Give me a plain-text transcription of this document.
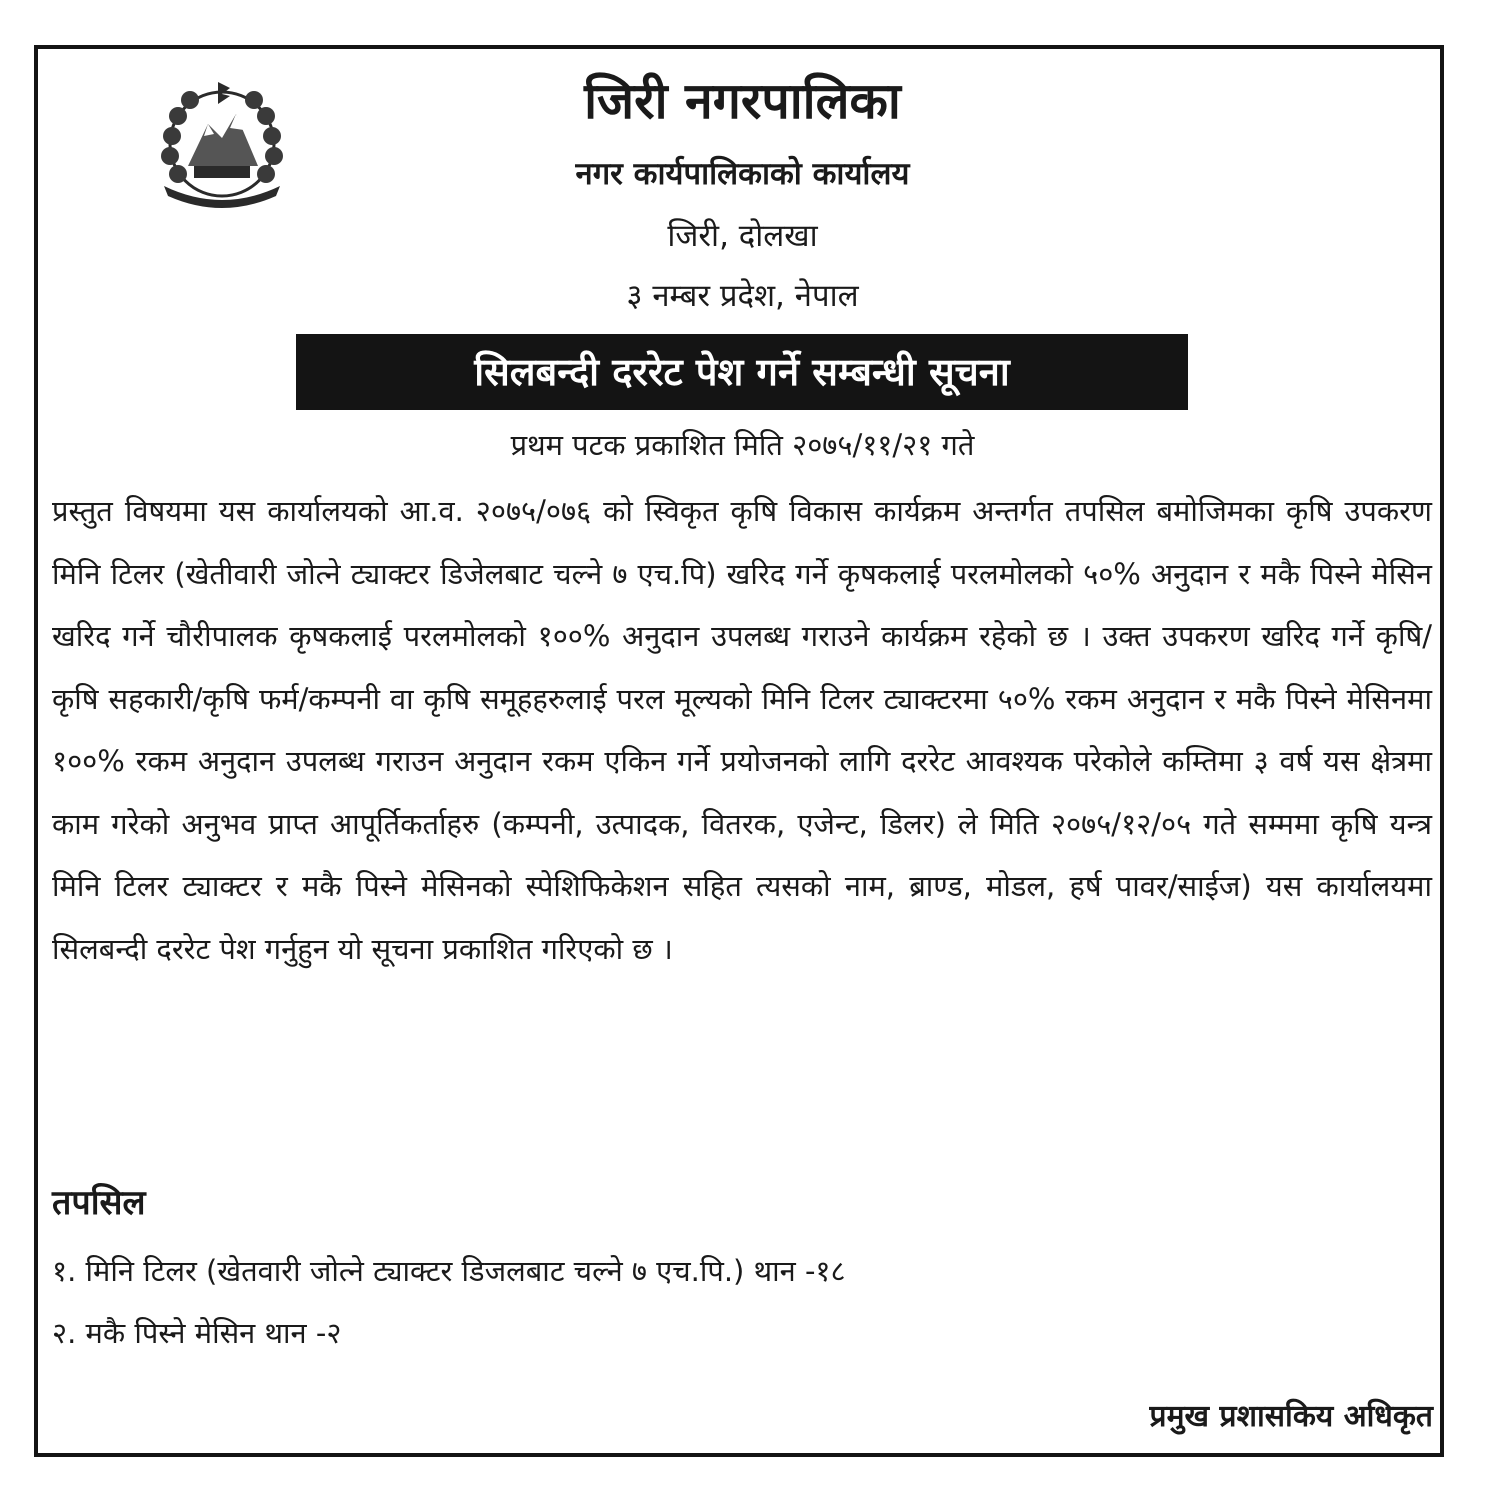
जिरी नगरपालिका
नगर कार्यपालिकाको कार्यालय
जिरी, दोलखा
३ नम्बर प्रदेश, नेपाल
सिलबन्दी दररेट पेश गर्ने सम्बन्धी सूचना
प्रथम पटक प्रकाशित मिति २०७५/११/२१ गते

प्रस्तुत विषयमा यस कार्यालयको आ.व. २०७५/०७६ को स्विकृत कृषि विकास कार्यक्रम अन्तर्गत तपसिल बमोजिमका कृषि उपकरण मिनि टिलर (खेतीवारी जोत्ने ट्याक्टर डिजेलबाट चल्ने ७ एच.पि) खरिद गर्ने कृषकलाई परलमोलको ५०% अनुदान र मकै पिस्ने मेसिन खरिद गर्ने चौरीपालक कृषकलाई परलमोलको १००% अनुदान उपलब्ध गराउने कार्यक्रम रहेको छ । उक्त उपकरण खरिद गर्ने कृषि/कृषि सहकारी/कृषि फर्म/कम्पनी वा कृषि समूहहरुलाई परल मूल्यको मिनि टिलर ट्याक्टरमा ५०% रकम अनुदान र मकै पिस्ने मेसिनमा १००% रकम अनुदान उपलब्ध गराउन अनुदान रकम एकिन गर्ने प्रयोजनको लागि दररेट आवश्यक परेकोले कम्तिमा ३ वर्ष यस क्षेत्रमा काम गरेको अनुभव प्राप्त आपूर्तिकर्ताहरु (कम्पनी, उत्पादक, वितरक, एजेन्ट, डिलर) ले मिति २०७५/१२/०५ गते सम्ममा कृषि यन्त्र मिनि टिलर ट्याक्टर र मकै पिस्ने मेसिनको स्पेशिफिकेशन सहित त्यसको नाम, ब्राण्ड, मोडल, हर्ष पावर/साईज) यस कार्यालयमा सिलबन्दी दररेट पेश गर्नुहुन यो सूचना प्रकाशित गरिएको छ ।

तपसिल
१. मिनि टिलर (खेतवारी जोत्ने ट्याक्टर डिजलबाट चल्ने ७ एच.पि.) थान -१८
२. मकै पिस्ने मेसिन थान -२
प्रमुख प्रशासकिय अधिकृत
